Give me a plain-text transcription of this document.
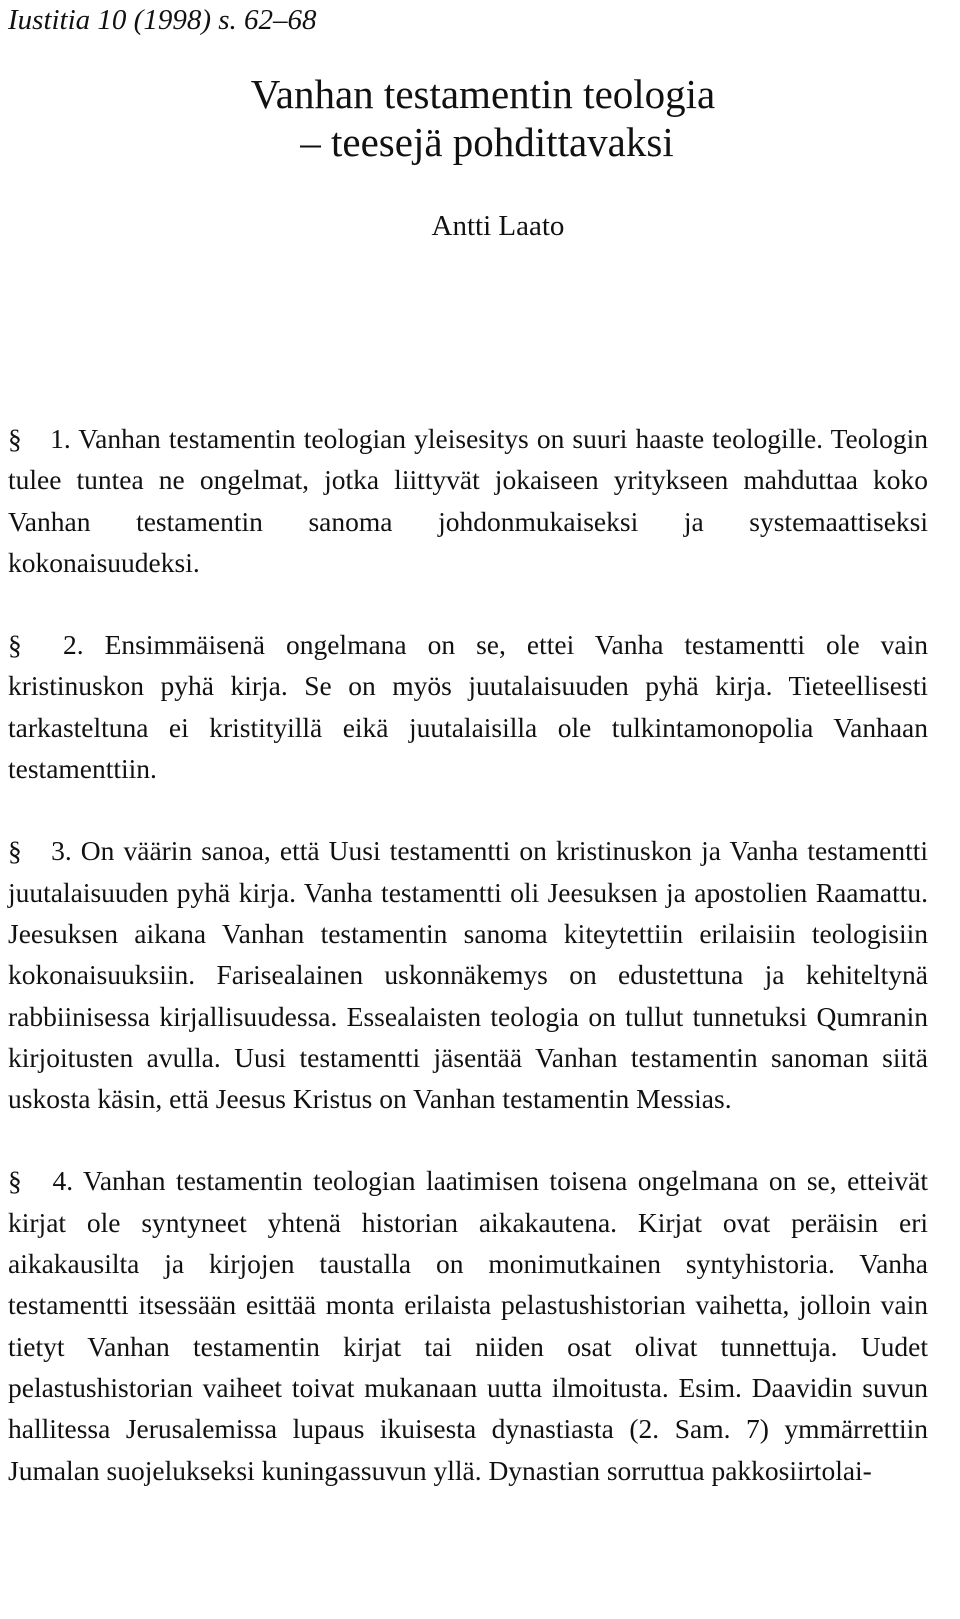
Iustitia 10 (1998) s. 62–68
Vanhan testamentin teologia
– teesejä pohdittavaksi
Antti Laato

§ 1. Vanhan testamentin teologian yleisesitys on suuri haaste teologille. Teologin tulee tuntea ne ongelmat, jotka liittyvät jokaiseen yritykseen mahduttaa koko Vanhan testamentin sanoma johdonmukaiseksi ja systemaattiseksi kokonaisuudeksi.

§ 2. Ensimmäisenä ongelmana on se, ettei Vanha testamentti ole vain kristinuskon pyhä kirja. Se on myös juutalaisuuden pyhä kirja. Tieteellisesti tarkasteltuna ei kristityillä eikä juutalaisilla ole tulkintamonopolia Vanhaan testamenttiin.

§ 3. On väärin sanoa, että Uusi testamentti on kristinuskon ja Vanha testamentti juutalaisuuden pyhä kirja. Vanha testamentti oli Jeesuksen ja apostolien Raamattu. Jeesuksen aikana Vanhan testamentin sanoma kiteytettiin erilaisiin teologisiin kokonaisuuksiin. Farisealainen uskonnäkemys on edustettuna ja kehiteltynä rabbiinisessa kirjallisuudessa. Essealaisten teologia on tullut tunnetuksi Qumranin kirjoitusten avulla. Uusi testamentti jäsentää Vanhan testamentin sanoman siitä uskosta käsin, että Jeesus Kristus on Vanhan testamentin Messias.

§ 4. Vanhan testamentin teologian laatimisen toisena ongelmana on se, etteivät kirjat ole syntyneet yhtenä historian aikakautena. Kirjat ovat peräisin eri aikakausilta ja kirjojen taustalla on monimutkainen syntyhistoria. Vanha testamentti itsessään esittää monta erilaista pelastushistorian vaihetta, jolloin vain tietyt Vanhan testamentin kirjat tai niiden osat olivat tunnettuja. Uudet pelastushistorian vaiheet toivat mukanaan uutta ilmoitusta. Esim. Daavidin suvun hallitessa Jerusalemissa lupaus ikuisesta dynastiasta (2. Sam. 7) ymmärrettiin Jumalan suojelukseksi kuningassuvun yllä. Dynastian sorruttua pakkosiirtolai-
